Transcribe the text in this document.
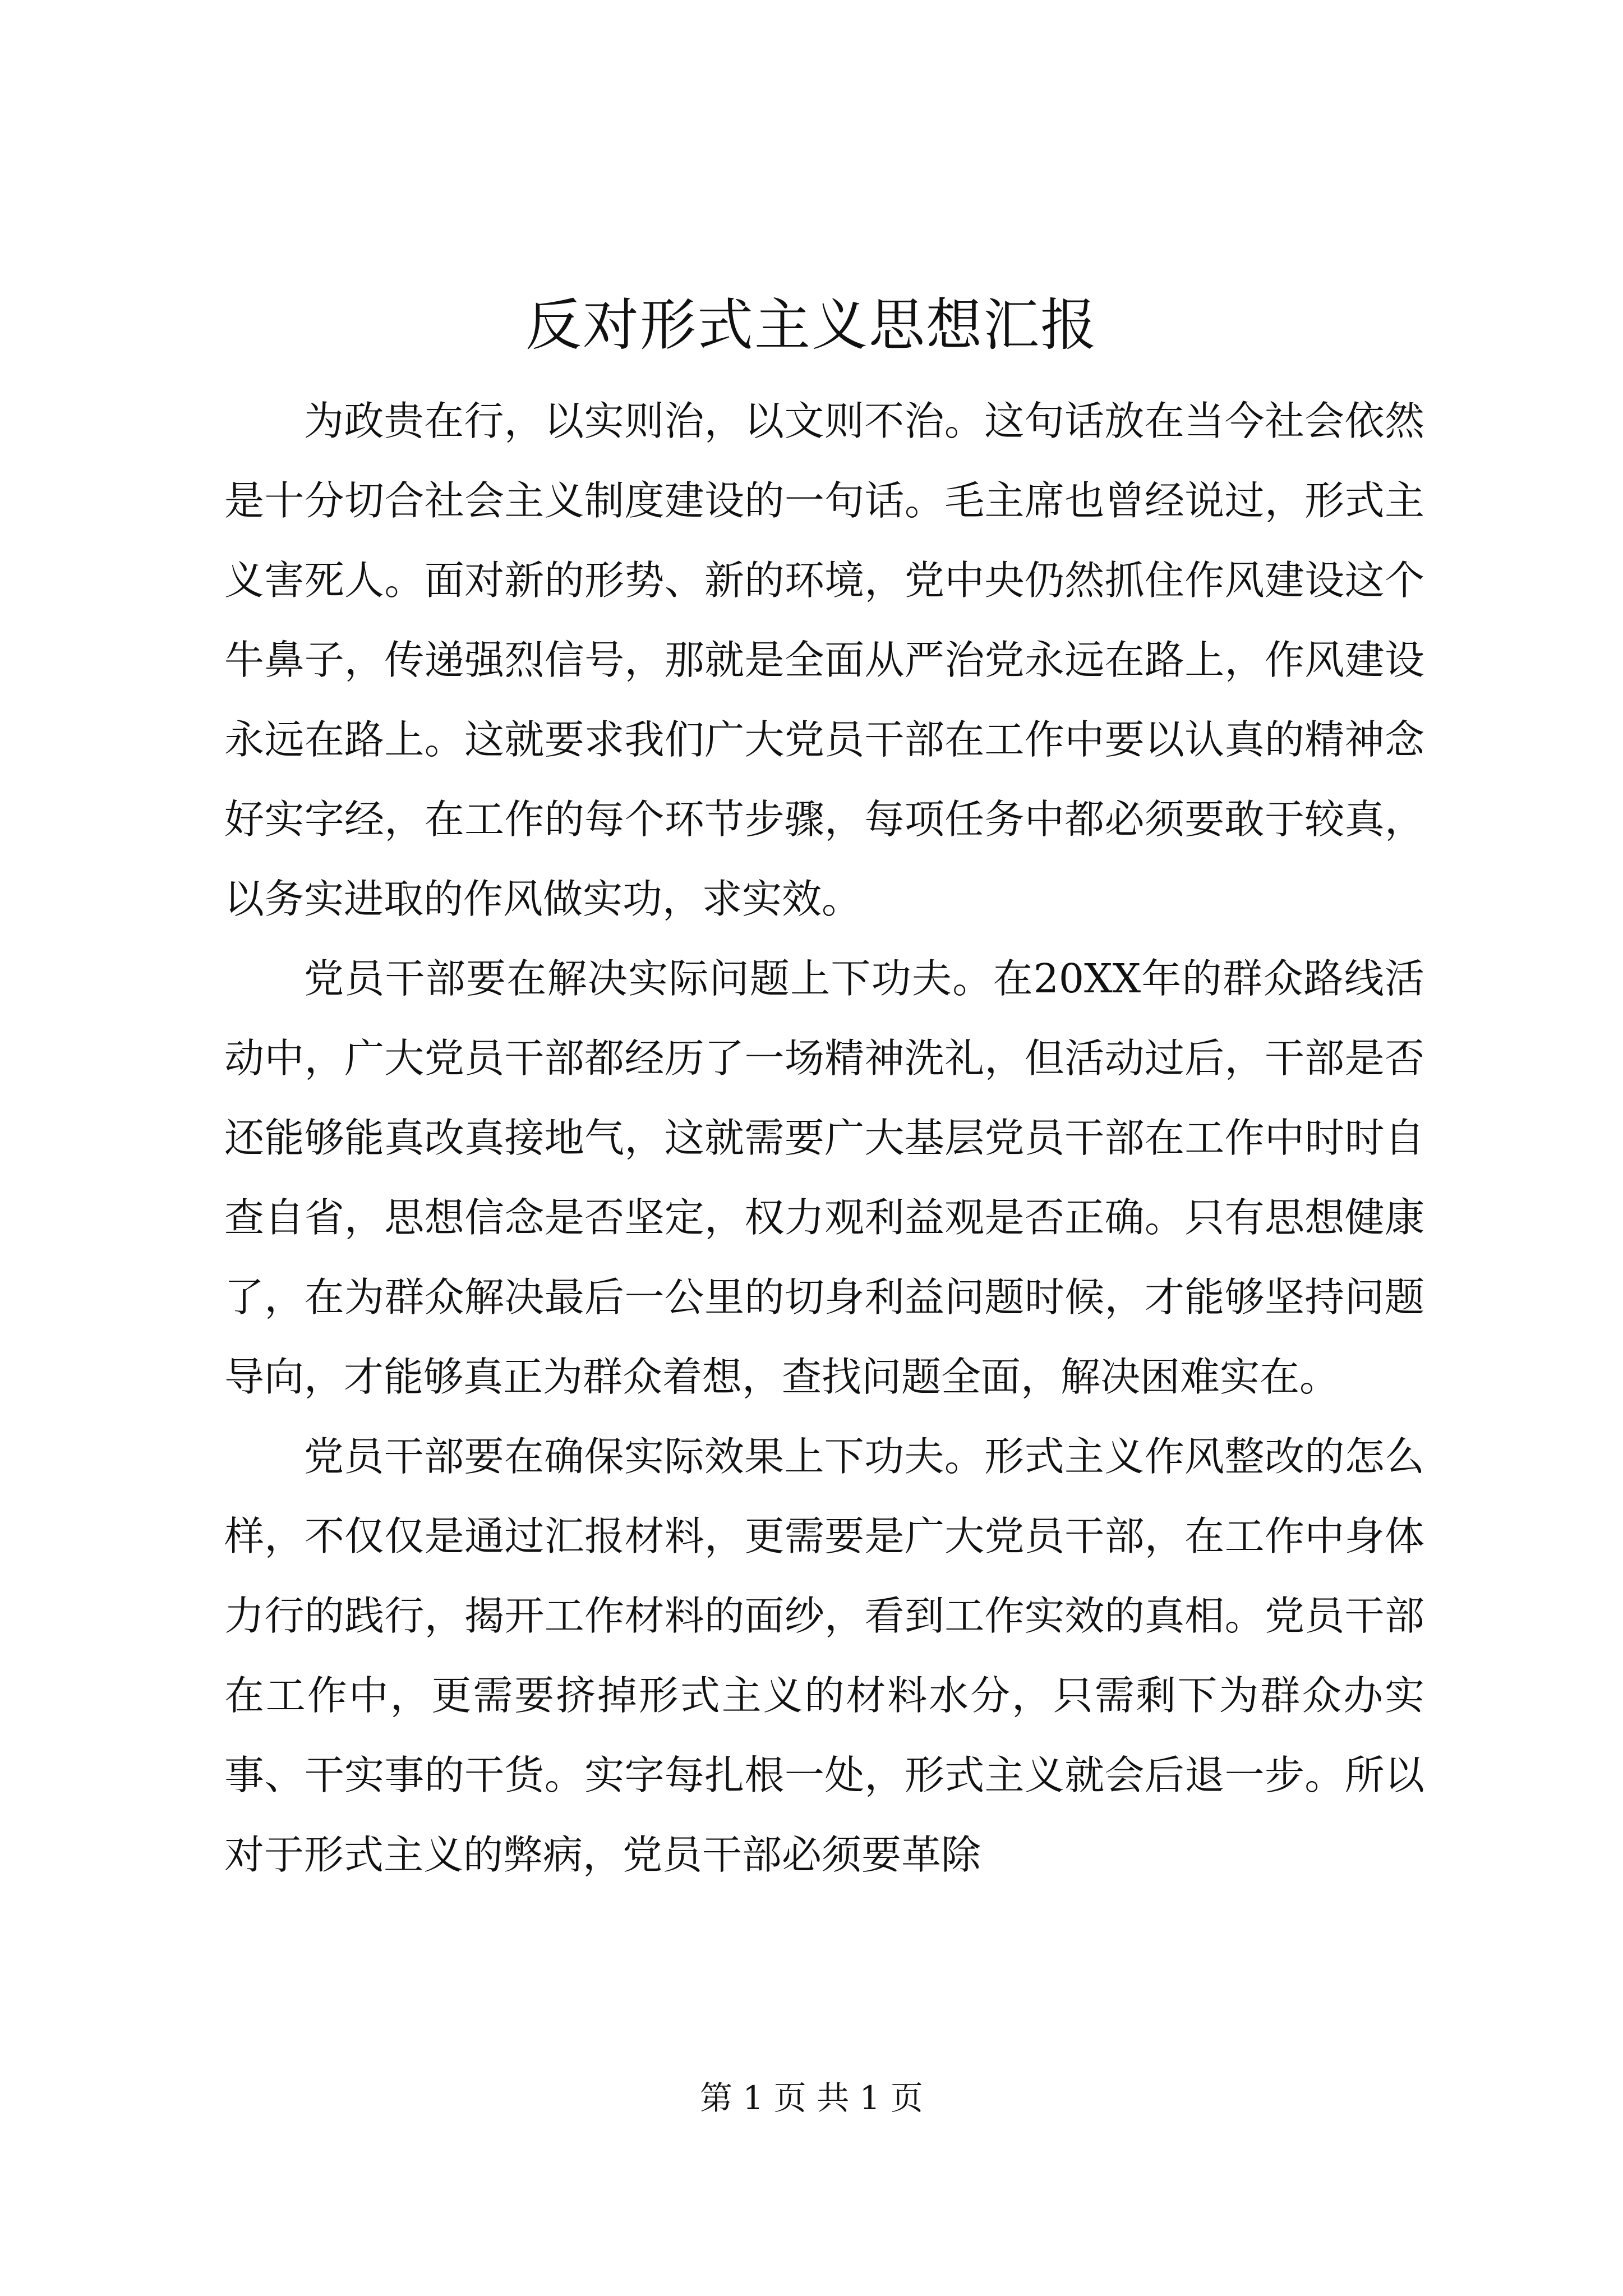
反对形式主义思想汇报

为政贵在行，以实则治，以文则不治。这句话放在当今社会依然是十分切合社会主义制度建设的一句话。毛主席也曾经说过，形式主义害死人。面对新的形势、新的环境，党中央仍然抓住作风建设这个牛鼻子，传递强烈信号，那就是全面从严治党永远在路上，作风建设永远在路上。这就要求我们广大党员干部在工作中要以认真的精神念好实字经，在工作的每个环节步骤，每项任务中都必须要敢于较真，以务实进取的作风做实功，求实效。

党员干部要在解决实际问题上下功夫。在20XX年的群众路线活动中，广大党员干部都经历了一场精神洗礼，但活动过后，干部是否还能够能真改真接地气，这就需要广大基层党员干部在工作中时时自查自省，思想信念是否坚定，权力观利益观是否正确。只有思想健康了，在为群众解决最后一公里的切身利益问题时候，才能够坚持问题导向，才能够真正为群众着想，查找问题全面，解决困难实在。

党员干部要在确保实际效果上下功夫。形式主义作风整改的怎么样，不仅仅是通过汇报材料，更需要是广大党员干部，在工作中身体力行的践行，揭开工作材料的面纱，看到工作实效的真相。党员干部在工作中，更需要挤掉形式主义的材料水分，只需剩下为群众办实事、干实事的干货。实字每扎根一处，形式主义就会后退一步。所以对于形式主义的弊病，党员干部必须要革除

第 1 页 共 1 页
